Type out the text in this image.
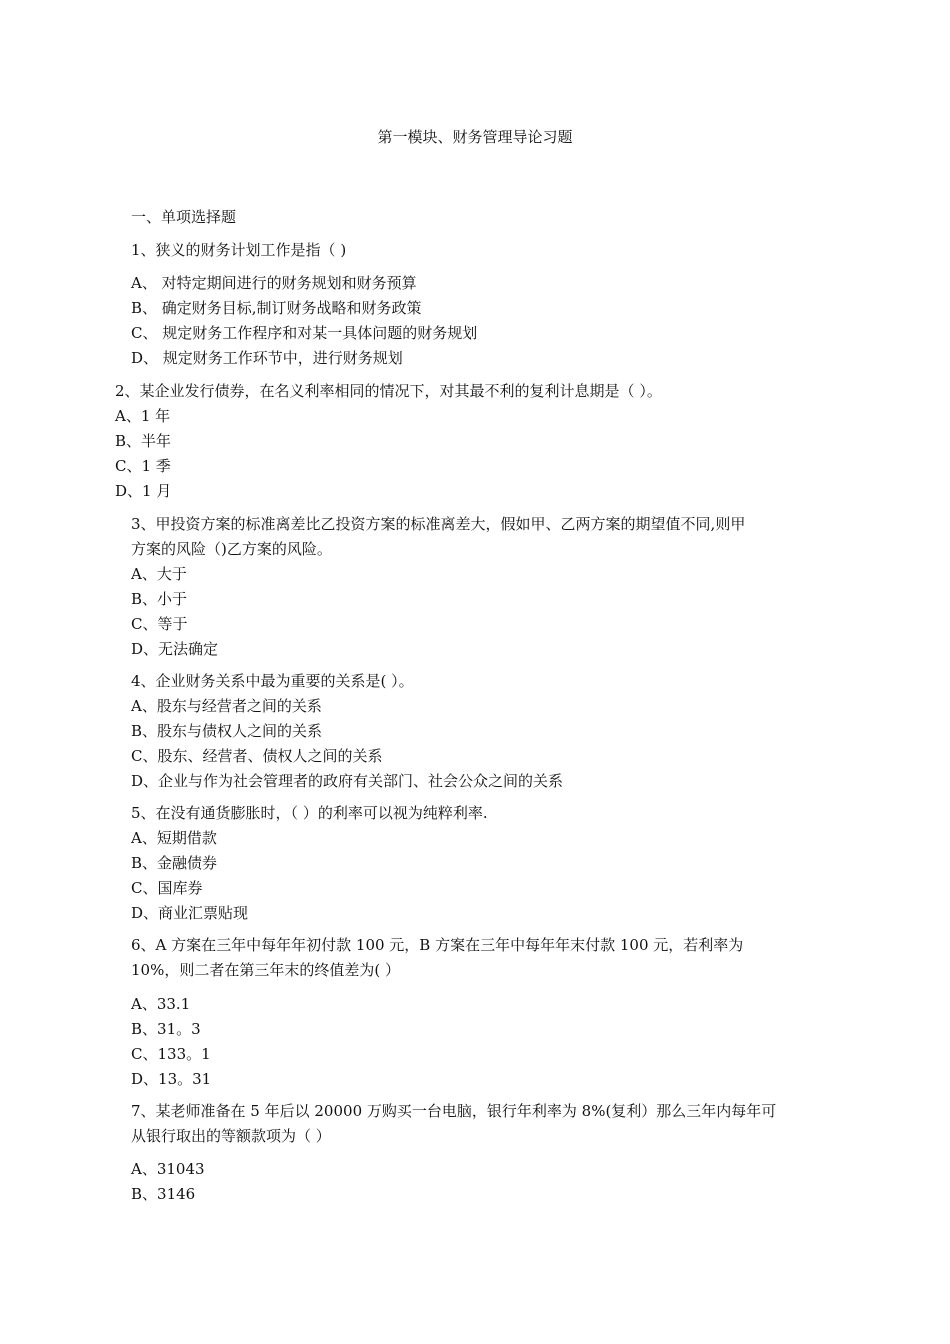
第一模块、财务管理导论习题
一、单项选择题
1、狭义的财务计划工作是指（ )
A、 对特定期间进行的财务规划和财务预算
B、 确定财务目标,制订财务战略和财务政策
C、 规定财务工作程序和对某一具体问题的财务规划
D、 规定财务工作环节中，进行财务规划
2、某企业发行债券，在名义利率相同的情况下，对其最不利的复利计息期是（ ）。
A、1 年
B、半年
C、1 季
D、1 月
3、甲投资方案的标准离差比乙投资方案的标准离差大，假如甲、乙两方案的期望值不同,则甲
方案的风险（)乙方案的风险。
A、大于
B、小于
C、等于
D、无法确定
4、企业财务关系中最为重要的关系是( ）。
A、股东与经营者之间的关系
B、股东与债权人之间的关系
C、股东、经营者、债权人之间的关系
D、企业与作为社会管理者的政府有关部门、社会公众之间的关系
5、在没有通货膨胀时，（ ）的利率可以视为纯粹利率.
A、短期借款
B、金融债券
C、国库券
D、商业汇票贴现
6、A 方案在三年中每年年初付款 100 元，B 方案在三年中每年年末付款 100 元，若利率为
10%，则二者在第三年末的终值差为( ）
A、33.1
B、31。3
C、133。1
D、13。31
7、某老师准备在 5 年后以 20000 万购买一台电脑，银行年利率为 8%(复利）那么三年内每年可
从银行取出的等额款项为（ ）
A、31043
B、3146
